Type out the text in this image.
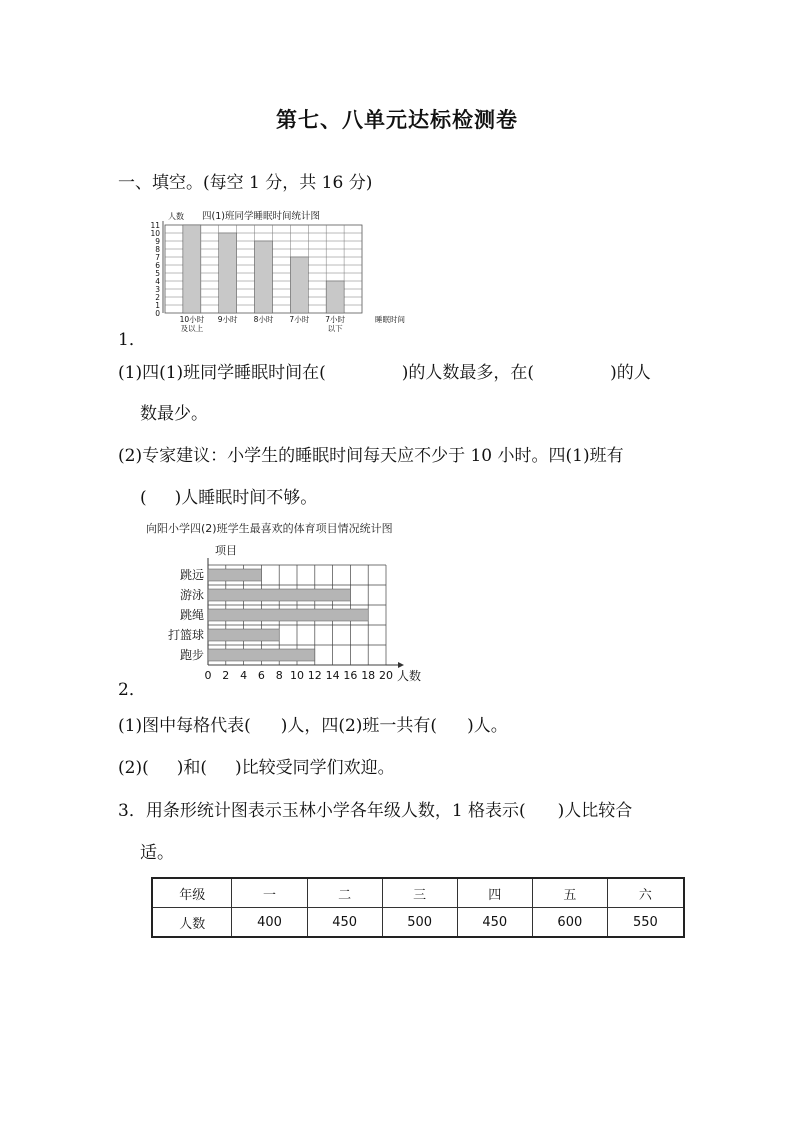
第七、八单元达标检测卷
一、填空。(每空 1 分，共 16 分)
四(1)班同学睡眠时间统计图
人数
10小时
及以上
9小时 8小时 7小时 7小时
以下
0
1
2
3
4
5
6
7
8
9
10
11
睡眠时间
1．
(1)四(1)班同学睡眠时间在(	)的人数最多，在(	)的人
数最少。
(2)专家建议：小学生的睡眠时间每天应不少于 10 小时。四(1)班有
( )人睡眠时间不够。
向阳小学四(2)班学生最喜欢的体育项目情况统计图
项目
跳远
游泳
跳绳
打篮球
跑步
0 2 4 6 8 10 12 14 16 18 20 人数
2．
(1)图中每格代表( )人，四(2)班一共有( )人。
(2)( )和( )比较受同学们欢迎。
3．用条形统计图表示玉林小学各年级人数，1 格表示( )人比较合
适。
年级	一	二	三	四	五	六
人数	400	450	500	450	600	550
